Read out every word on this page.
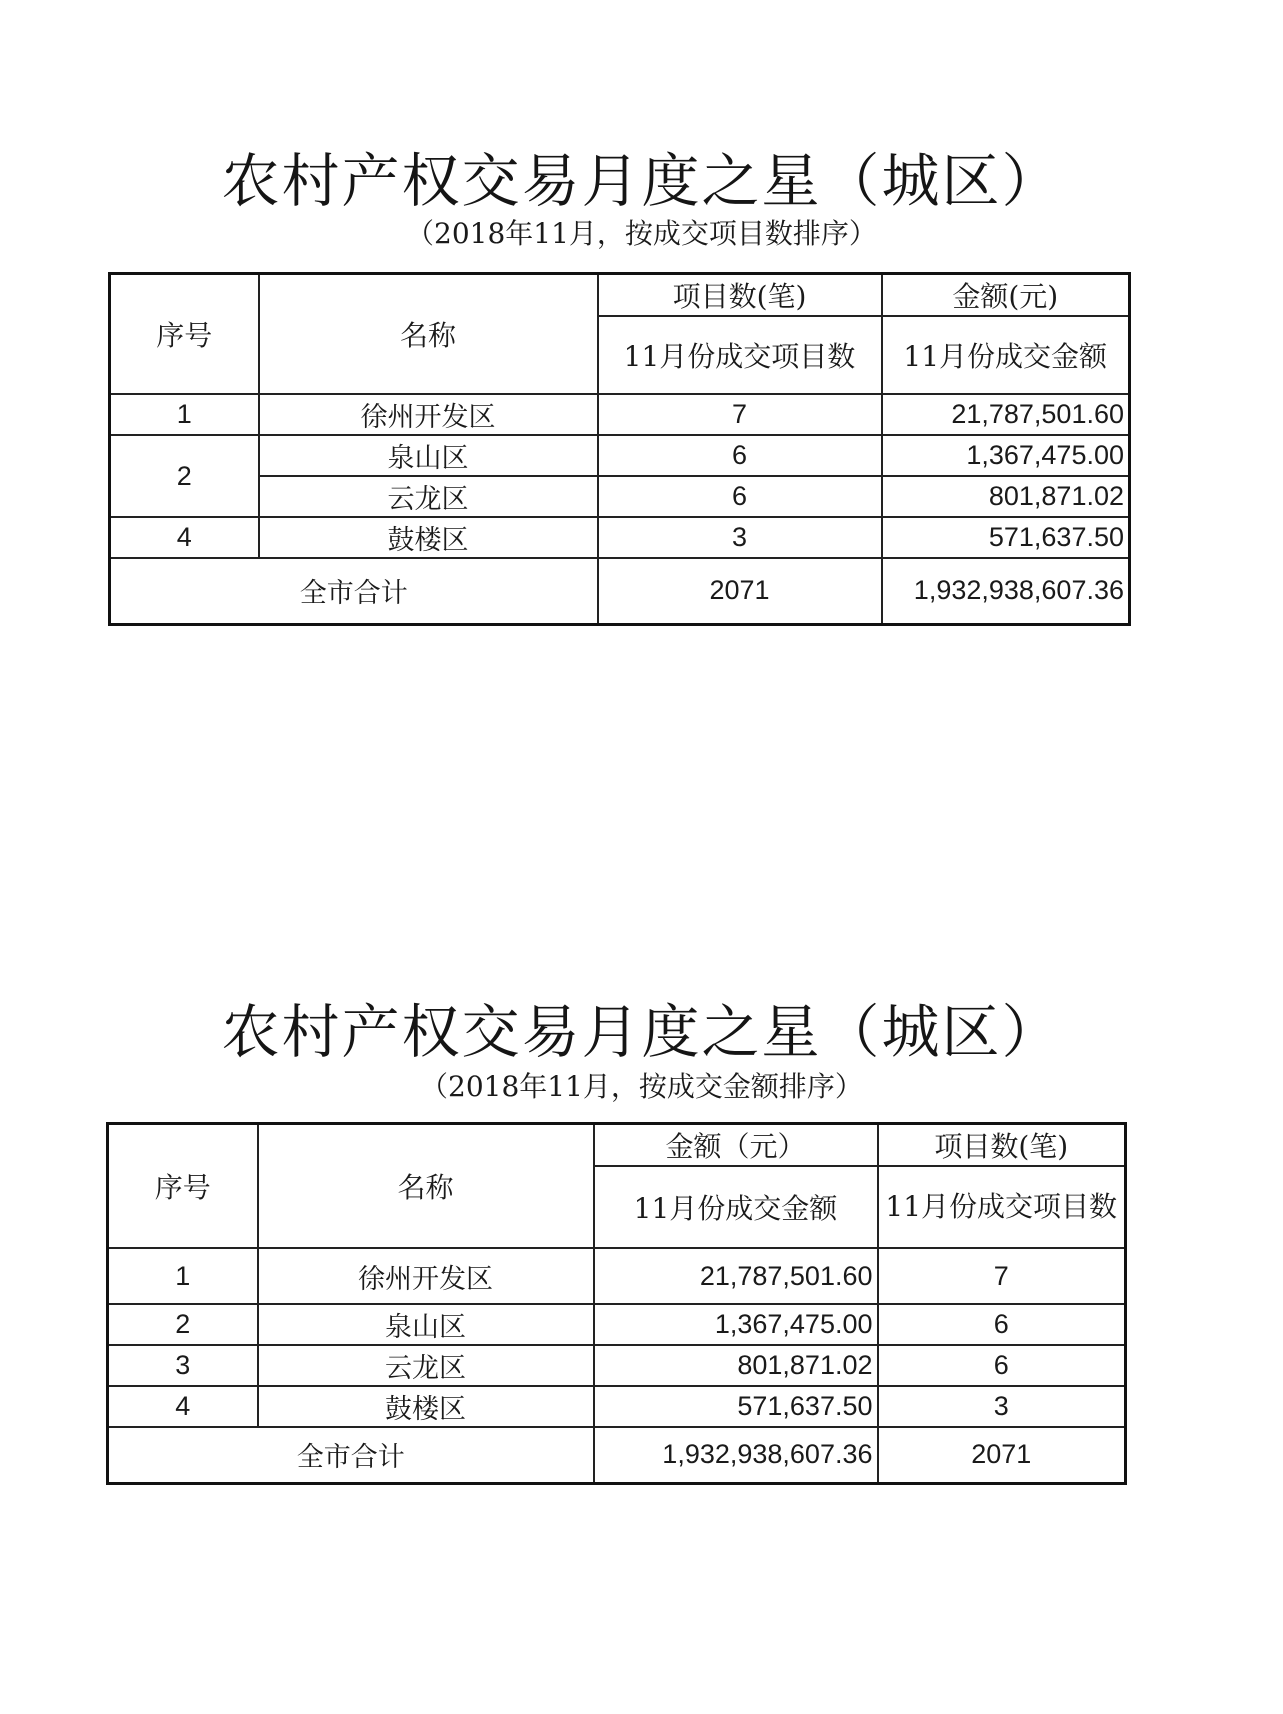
农村产权交易月度之星（城区）
（2018年11月，按成交项目数排序）
序号	名称	项目数(笔)	金额(元)
		11月份成交项目数	11月份成交金额
1	徐州开发区	7	21,787,501.60
2	泉山区	6	1,367,475.00
	云龙区	6	801,871.02
4	鼓楼区	3	571,637.50
全市合计		2071	1,932,938,607.36
农村产权交易月度之星（城区）
（2018年11月，按成交金额排序）
序号	名称	金额（元）	项目数(笔)
		11月份成交金额	11月份成交项目数
1	徐州开发区	21,787,501.60	7
2	泉山区	1,367,475.00	6
3	云龙区	801,871.02	6
4	鼓楼区	571,637.50	3
全市合计		1,932,938,607.36	2071
